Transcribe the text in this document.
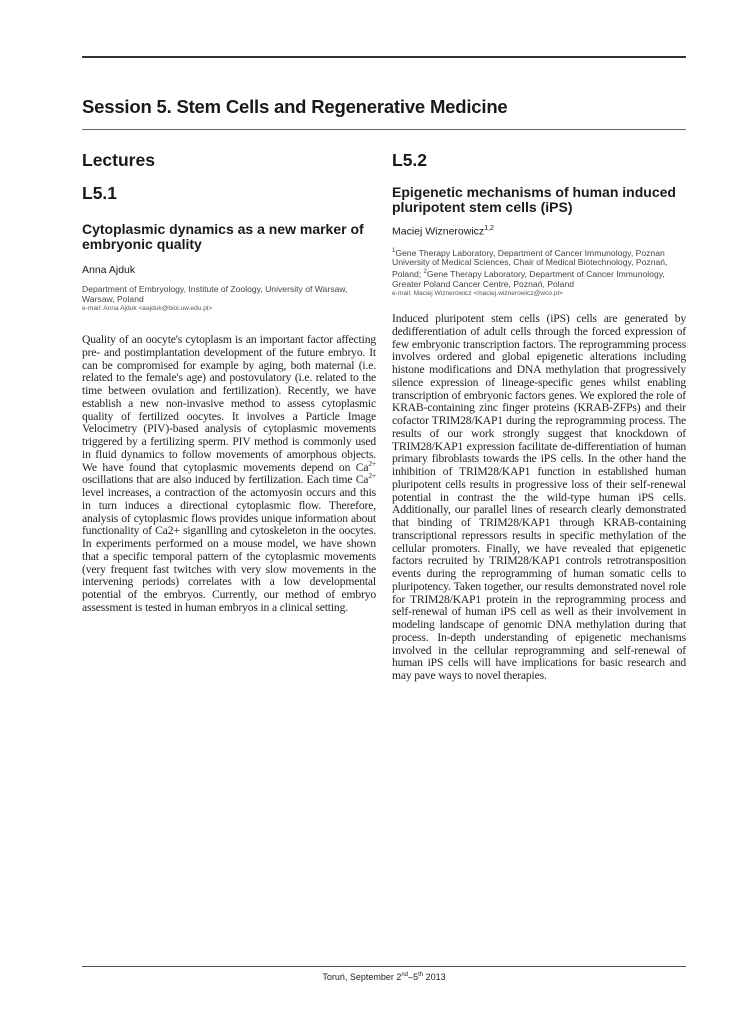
Session 5. Stem Cells and Regenerative Medicine
Lectures
L5.1
Cytoplasmic dynamics as a new marker of embryonic quality

Anna Ajduk

Department of Embryology, Institute of Zoology, University of Warsaw, Warsaw, Poland

e-mail: Anna Ajduk <aajduk@biol.uw.edu.pl>

Quality of an oocyte's cytoplasm is an important factor affecting pre- and postimplantation development of the future embryo. It can be compromised for example by aging, both maternal (i.e. related to the female's age) and postovulatory (i.e. related to the time between ovulation and fertilization). Recently, we have establish a new non-invasive method to assess cytoplasmic quality of fertilized oocytes. It involves a Particle Image Velocimetry (PIV)-based analysis of cytoplasmic movements triggered by a fertilizing sperm. PIV method is commonly used in fluid dynamics to follow movements of amorphous objects. We have found that cytoplasmic movements depend on $Ca^{2+}$ oscillations that are also induced by fertilization. Each time $Ca^{2+}$ level increases, a contraction of the actomyosin occurs and this in turn induces a directional cytoplasmic flow. Therefore, analysis of cytoplasmic flows provides unique information about functionality of Ca2+ siganlling and cytoskeleton in the oocytes. In experiments performed on a mouse model, we have shown that a specific temporal pattern of the cytoplasmic movements (very frequent fast twitches with very slow movements in the intervening periods) correlates with a low developmental potential of the embryos. Currently, our method of embryo assessment is tested in human embryos in a clinical setting.

L5.2
Epigenetic mechanisms of human induced pluripotent stem cells (iPS)

Maciej Wiznerowicz$^{1,2}$

$^1$Gene Therapy Laboratory, Department of Cancer Immunology, Poznan University of Medical Sciences, Chair of Medical Biotechnology, Poznań, Poland; $^2$Gene Therapy Laboratory, Department of Cancer Immunology, Greater Poland Cancer Centre, Poznań, Poland

e-mail: Maciej Wiznerowicz <maciej.wiznerowicz@wco.pl>

Induced pluripotent stem cells (iPS) cells are generated by dedifferentiation of adult cells through the forced expression of few embryonic transcription factors. The reprogramming process involves ordered and global epigenetic alterations including histone modifications and DNA methylation that progressively silence expression of lineage-specific genes whilst enabling transcription of embryonic factors genes. We explored the role of KRAB-containing zinc finger proteins (KRAB-ZFPs) and their cofactor TRIM28/KAP1 during the reprogramming process. The results of our work strongly suggest that knockdown of TRIM28/KAP1 expression facilitate de-differentiation of human primary fibroblasts towards the iPS cells. In the other hand the inhibition of TRIM28/KAP1 function in established human pluripotent cells results in progressive loss of their self-renewal potential in contrast the the wild-type human iPS cells. Additionally, our parallel lines of research clearly demonstrated that binding of TRIM28/KAP1 through KRAB-containing transcriptional repressors results in specific methylation of the cellular promoters. Finally, we have revealed that epigenetic factors recruited by TRIM28/KAP1 controls retrotransposition events during the reprogramming of human somatic cells to pluripotency. Taken together, our results demonstrated novel role for TRIM28/KAP1 protein in the reprogramming process and self-renewal of human iPS cell as well as their involvement in modeling landscape of genomic DNA methylation during that process. In-depth understanding of epigenetic mechanisms involved in the cellular reprogramming and self-renewal of human iPS cells will have implications for basic research and may pave ways to novel therapies.

Toruń, September 2nd–5th 2013
